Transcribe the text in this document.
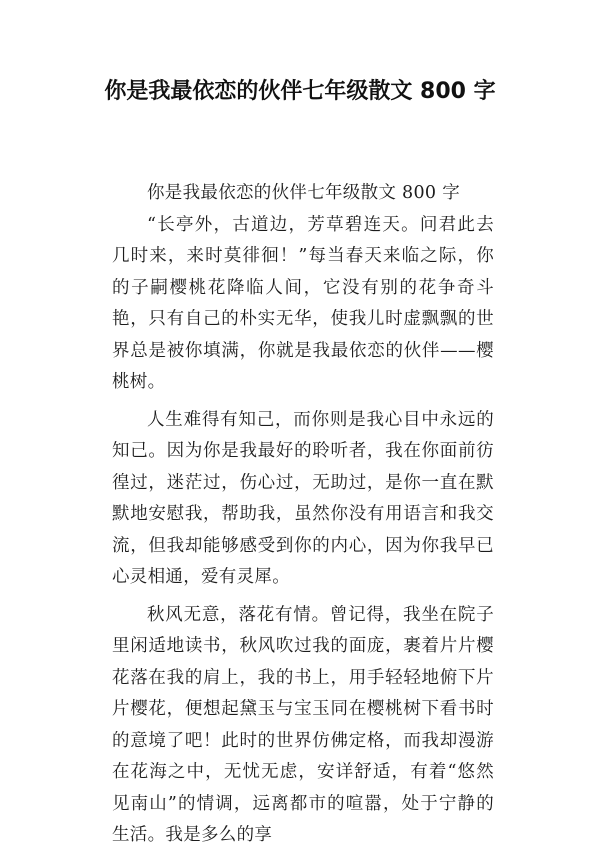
你是我最依恋的伙伴七年级散文 800 字

你是我最依恋的伙伴七年级散文 800 字

“长亭外，古道边，芳草碧连天。问君此去几时来，来时莫徘徊！”每当春天来临之际，你的子嗣樱桃花降临人间，它没有别的花争奇斗艳，只有自己的朴实无华，使我儿时虚飘飘的世界总是被你填满，你就是我最依恋的伙伴——樱桃树。

人生难得有知己，而你则是我心目中永远的知己。因为你是我最好的聆听者，我在你面前彷徨过，迷茫过，伤心过，无助过，是你一直在默默地安慰我，帮助我，虽然你没有用语言和我交流，但我却能够感受到你的内心，因为你我早已心灵相通，爱有灵犀。

秋风无意，落花有情。曾记得，我坐在院子里闲适地读书，秋风吹过我的面庞，裹着片片樱花落在我的肩上，我的书上，用手轻轻地俯下片片樱花，便想起黛玉与宝玉同在樱桃树下看书时的意境了吧！此时的世界仿佛定格，而我却漫游在花海之中，无忧无虑，安详舒适，有着“悠然见南山”的情调，远离都市的喧嚣，处于宁静的生活。我是多么的享
